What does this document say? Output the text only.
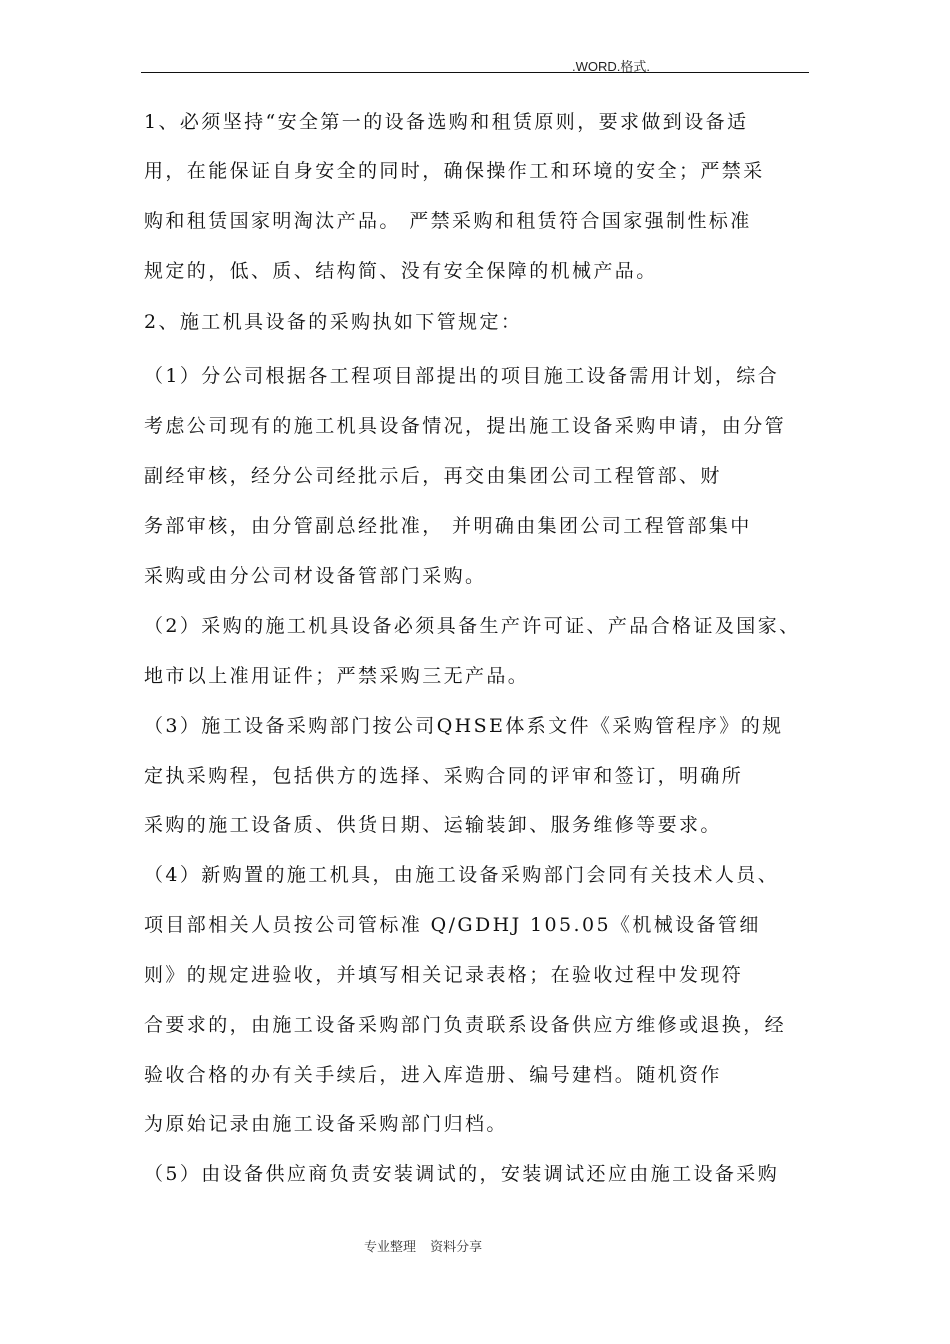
.WORD.格式.
1、必须坚持“安全第一的设备选购和租赁原则，要求做到设备适
用，在能保证自身安全的同时，确保操作工和环境的安全；严禁采
购和租赁国家明淘汰产品。 严禁采购和租赁符合国家强制性标准
规定的，低、质、结构简、没有安全保障的机械产品。
2、施工机具设备的采购执如下管规定：
（1）分公司根据各工程项目部提出的项目施工设备需用计划，综合
考虑公司现有的施工机具设备情况，提出施工设备采购申请，由分管
副经审核，经分公司经批示后，再交由集团公司工程管部、财
务部审核，由分管副总经批准， 并明确由集团公司工程管部集中
采购或由分公司材设备管部门采购。
（2）采购的施工机具设备必须具备生产许可证、产品合格证及国家、
地市以上准用证件；严禁采购三无产品。
（3）施工设备采购部门按公司QHSE体系文件《采购管程序》的规
定执采购程，包括供方的选择、采购合同的评审和签订，明确所
采购的施工设备质、供货日期、运输装卸、服务维修等要求。
（4）新购置的施工机具，由施工设备采购部门会同有关技术人员、
项目部相关人员按公司管标准 Q/GDHJ 105.05《机械设备管细
则》的规定进验收，并填写相关记录表格；在验收过程中发现符
合要求的，由施工设备采购部门负责联系设备供应方维修或退换，经
验收合格的办有关手续后，进入库造册、编号建档。随机资作
为原始记录由施工设备采购部门归档。
（5）由设备供应商负责安装调试的，安装调试还应由施工设备采购
专业整理 资料分享
